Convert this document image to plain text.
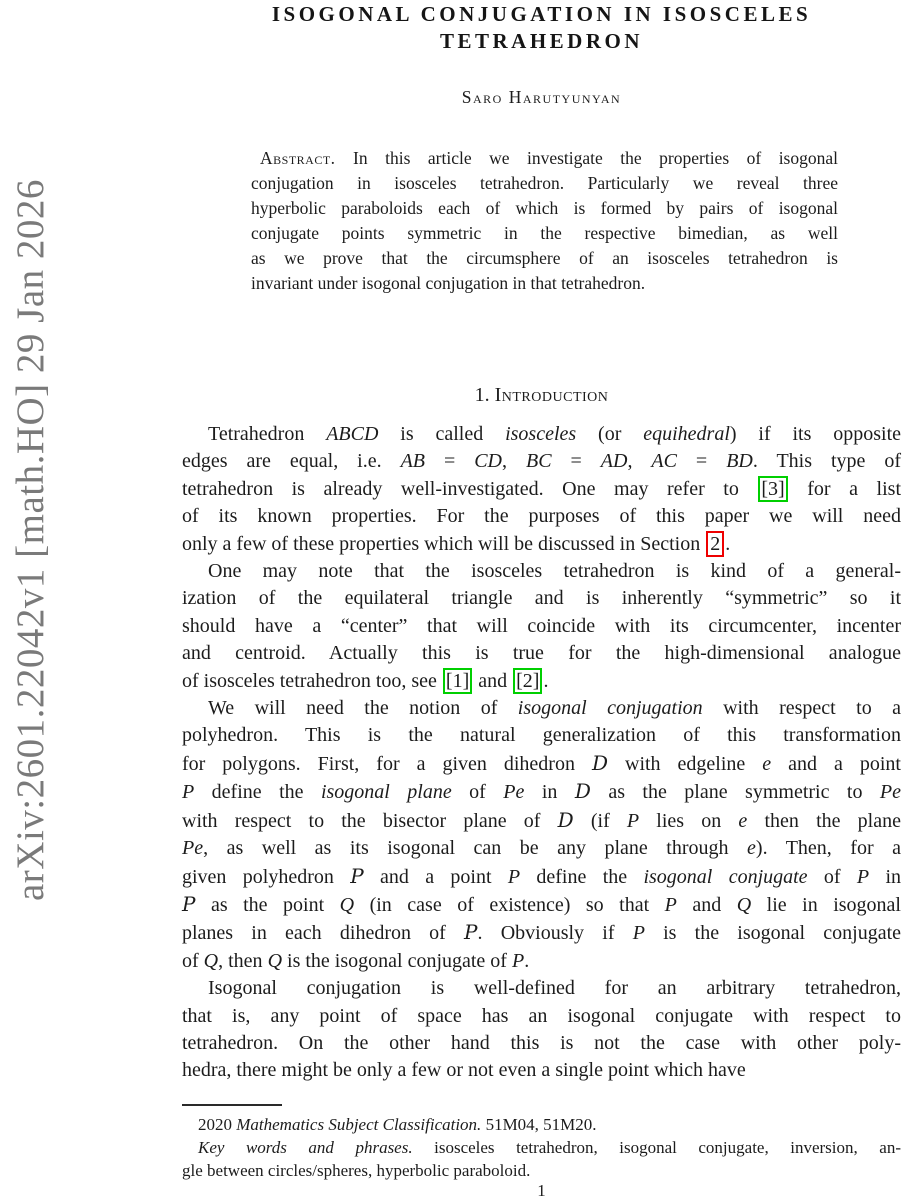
arXiv:2601.22042v1 [math.HO] 29 Jan 2026
ISOGONAL CONJUGATION IN ISOSCELES
TETRAHEDRON
Saro Harutyunyan
Abstract. In this article we investigate the properties of isogonal
conjugation in isosceles tetrahedron. Particularly we reveal three
hyperbolic paraboloids each of which is formed by pairs of isogonal
conjugate points symmetric in the respective bimedian, as well
as we prove that the circumsphere of an isosceles tetrahedron is
invariant under isogonal conjugation in that tetrahedron.
1. Introduction
Tetrahedron ABCD is called isosceles (or equihedral) if its opposite
edges are equal, i.e. AB = CD, BC = AD, AC = BD. This type of
tetrahedron is already well-investigated. One may refer to [3] for a list
of its known properties. For the purposes of this paper we will need
only a few of these properties which will be discussed in Section 2 .
One may note that the isosceles tetrahedron is kind of a general-
ization of the equilateral triangle and is inherently “symmetric” so it
should have a “center” that will coincide with its circumcenter, incenter
and centroid. Actually this is true for the high-dimensional analogue
of isosceles tetrahedron too, see [1] and [2] .
We will need the notion of isogonal conjugation with respect to a
polyhedron. This is the natural generalization of this transformation
for polygons. First, for a given dihedron D with edgeline e and a point
P define the isogonal plane of Pe in D as the plane symmetric to Pe
with respect to the bisector plane of D (if P lies on e then the plane
Pe, as well as its isogonal can be any plane through e). Then, for a
given polyhedron P and a point P define the isogonal conjugate of P in
P as the point Q (in case of existence) so that P and Q lie in isogonal
planes in each dihedron of P. Obviously if P is the isogonal conjugate
of Q, then Q is the isogonal conjugate of P.
Isogonal conjugation is well-defined for an arbitrary tetrahedron,
that is, any point of space has an isogonal conjugate with respect to
tetrahedron. On the other hand this is not the case with other poly-
hedra, there might be only a few or not even a single point which have
2020 Mathematics Subject Classification. 51M04, 51M20.
Key words and phrases. isosceles tetrahedron, isogonal conjugate, inversion, an-
gle between circles/spheres, hyperbolic paraboloid.
1
